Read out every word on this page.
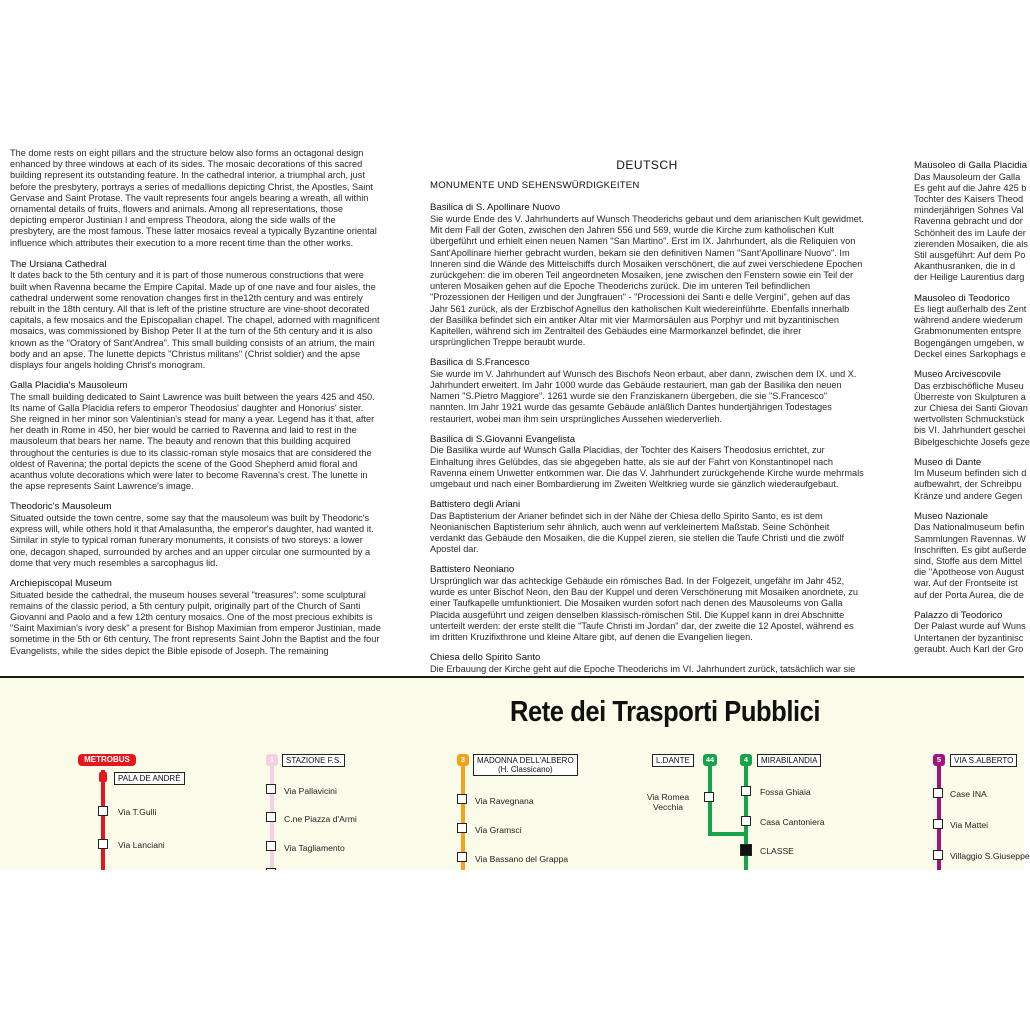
The dome rests on eight pillars and the structure below also forms an octagonal design enhanced by three windows at each of its sides. The mosaic decorations of this sacred building represent its outstanding feature. In the cathedral interior, a triumphal arch, just before the presbytery, portrays a series of medallions depicting Christ, the Apostles, Saint Gervase and Saint Protase. The vault represents four angels bearing a wreath, all within ornamental details of fruits, flowers and animals. Among all representations, those depicting emperor Justinian I and empress Theodora, along the side walls of the presbytery, are the most famous. These latter mosaics reveal a typically Byzantine oriental influence which attributes their execution to a more recent time than the other works.

The Ursiana Cathedral
It dates back to the 5th century and it is part of those numerous constructions that were built when Ravenna became the Empire Capital. Made up of one nave and four aisles, the cathedral underwent some renovation changes first in the12th century and was entirely rebuilt in the 18th century. All that is left of the pristine structure are vine-shoot decorated capitals, a few mosaics and the Episcopalian chapel. The chapel, adorned with magnificent mosaics, was commissioned by Bishop Peter II at the turn of the 5th century and it is also known as the "Oratory of Sant'Andrea". This small building consists of an atrium, the main body and an apse. The lunette depicts "Christus militans" (Christ soldier) and the apse displays four angels holding Christ's monogram.
Galla Placidia's Mausoleum
The small building dedicated to Saint Lawrence was built between the years 425 and 450. Its name of Galla Placidia refers to emperor Theodosius' daughter and Honorius' sister. She reigned in her minor son Valentinian's stead for many a year. Legend has it that, after her death in Rome in 450, her bier would be carried to Ravenna and laid to rest in the mausoleum that bears her name. The beauty and renown that this building acquired throughout the centuries is due to its classic-roman style mosaics that are considered the oldest of Ravenna; the portal depicts the scene of the Good Shepherd amid floral and acanthus volute decorations which were later to become Ravenna's crest. The lunette in the apse represents Saint Lawrence's image.
Theodoric's Mausoleum
Situated outside the town centre, some say that the mausoleum was built by Theodoric's express will, while others hold it that Amalasuntha, the emperor's daughter, had wanted it. Similar in style to typical roman funerary monuments, it consists of two storeys: a lower one, decagon shaped, surrounded by arches and an upper circular one surmounted by a dome that very much resembles a sarcophagus lid.
Archiepiscopal Museum
Situated beside the cathedral, the museum houses several "treasures": some sculptural remains of the classic period, a 5th century pulpit, originally part of the Church of Santi Giovanni and Paolo and a few 12th century mosaics. One of the most precious exhibits is "Saint Maximian's ivory desk" a present for Bishop Maximian from emperor Justinian, made sometime in the 5th or 6th century. The front represents Saint John the Baptist and the four Evangelists, while the sides depict the Bible episode of Joseph. The remaining
DEUTSCH
MONUMENTE UND SEHENSWÜRDIGKEITEN
Basilica di S. Apollinare Nuovo
Sie wurde Ende des V. Jahrhunderts auf Wunsch Theoderichs gebaut und dem arianischen Kult gewidmet. Mit dem Fall der Goten, zwischen den Jahren 556 und 569, wurde die Kirche zum katholischen Kult übergeführt und erhielt einen neuen Namen "San Martino". Erst im IX. Jahrhundert, als die Reliquien von Sant'Apollinare hierher gebracht wurden, bekam sie den definitiven Namen "Sant'Apollinare Nuovo". Im Inneren sind die Wände des Mittelschiffs durch Mosaiken verschönert, die auf zwei verschiedene Epochen zurückgehen: die im oberen Teil angeordneten Mosaiken, jene zwischen den Fenstern sowie ein Teil der unteren Mosaiken gehen auf die Epoche Theoderichs zurück. Die im unteren Teil befindlichen "Prozessionen der Heiligen und der Jungfrauen" - "Processioni dei Santi e delle Vergini", gehen auf das Jahr 561 zurück, als der Erzbischof Agnellus den katholischen Kult wiedereinführte. Ebenfalls innerhalb der Basilika befindet sich ein antiker Altar mit vier Marmorsäulen aus Porphyr und mit byzantinischen Kapitellen, während sich im Zentralteil des Gebäudes eine Marmorkanzel befindet, die ihrer ursprünglichen Treppe beraubt wurde.
Basilica di S.Francesco
Sie wurde im V. Jahrhundert auf Wunsch des Bischofs Neon erbaut, aber dann, zwischen dem IX. und X. Jahrhundert erweitert. Im Jahr 1000 wurde das Gebäude restauriert, man gab der Basilika den neuen Namen "S.Pietro Maggiore". 1261 wurde sie den Franziskanern übergeben, die sie "S.Francesco" nannten. Im Jahr 1921 wurde das gesamte Gebäude anläßlich Dantes hundertjährigen Todestages restauriert, wobei man ihm sein ursprüngliches Aussehen wiederverlieh.
Basilica di S.Giovanni Evangelista
Die Basilika wurde auf Wunsch Galla Placidias, der Tochter des Kaisers Theodosius errichtet, zur Einhaltung ihres Gelübdes, das sie abgegeben hatte, als sie auf der Fahrt von Konstantinopel nach Ravenna einem Unwetter entkommen war. Die das V. Jahrhundert zurückgehende Kirche wurde mehrmals umgebaut und nach einer Bombardierung im Zweiten Weltkrieg wurde sie gänzlich wiederaufgebaut.
Battistero degli Ariani
Das Baptisterium der Arianer befindet sich in der Nähe der Chiesa dello Spirito Santo, es ist dem Neonianischen Baptisterium sehr ähnlich, auch wenn auf verkleinertem Maßstab. Seine Schönheit verdankt das Gebäude den Mosaiken, die die Kuppel zieren, sie stellen die Taufe Christi und die zwölf Apostel dar.
Battistero Neoniano
Ursprünglich war das achteckige Gebäude ein römisches Bad. In der Folgezeit, ungefähr im Jahr 452, wurde es unter Bischof Neon, den Bau der Kuppel und deren Verschönerung mit Mosaiken anordnete, zu einer Taufkapelle umfunktioniert. Die Mosaiken wurden sofort nach denen des Mausoleums von Galla Placida ausgeführt und zeigen denselben klassisch-römischen Stil. Die Kuppel kann in drei Abschnitte unterteilt werden: der erste stellt die "Taufe Christi im Jordan" dar, der zweite die 12 Apostel, während es im dritten Kruzifixthrone und kleine Altare gibt, auf denen die Evangelien liegen.
Chiesa dello Spirito Santo
Die Erbauung der Kirche geht auf die Epoche Theoderichs im VI. Jahrhundert zurück, tatsächlich war sie
Mausoleo di Galla Placidia
Das Mausoleum der Galla
Es geht auf die Jahre 425 b
Tochter des Kaisers Theod
minderjährigen Sohnes Val
Ravenna gebracht und dor
Schönheit des im Laufe der
zierenden Mosaiken, die als
Stil ausgeführt: Auf dem Po
Akanthusranken, die in d
der Heilige Laurentius darg
Mausoleo di Teodorico
Es liegt außerhalb des Zent
während andere wiederum
Grabmonumenten entspre
Bogengängen umgeben, w
Deckel eines Sarkophags e
Museo Arcivescovile
Das erzbischöfliche Museu
Überreste von Skulpturen a
zur Chiesa dei Santi Giovan
wertvollsten Schmuckstück
bis VI. Jahrhundert geschei
Bibelgeschichte Josefs geze
Museo di Dante
Im Museum befinden sich d
aufbewahrt, der Schreibpu
Kränze und andere Gegen
Museo Nazionale
Das Nationalmuseum befin
Sammlungen Ravennas. W
Inschriften. Es gibt außerde
sind, Stoffe aus dem Mittel
die "Apotheose von August
war. Auf der Frontseite ist
auf der Porta Aurea, die de
Palazzo di Teodorico
Der Palast wurde auf Wuns
Untertanen der byzantinisc
geraubt. Auch Karl der Gro
Rete dei Trasporti Pubblici
METROBUS
PALA DE ANDRÈ
Via T.Gulli
Via Lanciani
1	STAZIONE F.S.
Via Pallavicini
C.ne Piazza d'Armi
Via Tagliamento
3	MADONNA DELL'ALBERO
(H. Classicano)
Via Ravegnana
Via Gramsci
Via Bassano del Grappa
L.DANTE	44
Via Romea Vecchia
4	MIRABILANDIA
Fossa Ghiaia
Casa Cantoniera
CLASSE
5	VIA S.ALBERTO
Case INA
Via Mattei
Villaggio S.Giuseppe
